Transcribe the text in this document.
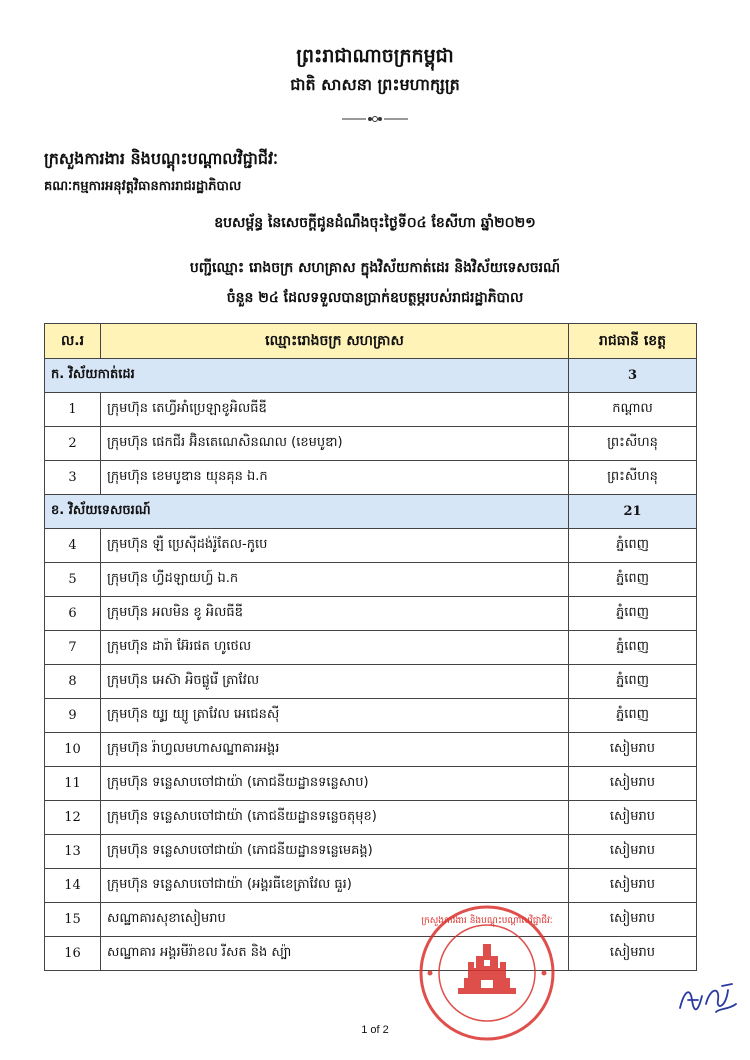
ព្រះរាជាណាចក្រកម្ពុជា
ជាតិ សាសនា ព្រះមហាក្សត្រ
ក្រសួងការងារ និងបណ្តុះបណ្តាលវិជ្ជាជីវៈ
គណៈកម្មការអនុវត្តវិធានការរាជរដ្ឋាភិបាល
ឧបសម្ព័ន្ធ នៃសេចក្តីជូនដំណឹងចុះថ្ងៃទី០៤ ខែសីហា ឆ្នាំ២០២១
បញ្ជីឈ្មោះ រោងចក្រ សហគ្រាស ក្នុងវិស័យកាត់ដេរ និងវិស័យទេសចរណ៍
ចំនួន ២៤ ដែលទទួលបានប្រាក់ឧបត្ថម្ភរបស់រាជរដ្ឋាភិបាល
ល.រ	ឈ្មោះរោងចក្រ សហគ្រាស	រាជធានី ខេត្ត
ក. វិស័យកាត់ដេរ		3
1	ក្រុមហ៊ុន តេហ្វីអាំប្រេឡាខូអិលធីឌី	កណ្តាល
2	ក្រុមហ៊ុន ផេកជីរ អ៊ិនតេណេសិនណល (ខេមបូឌា)	ព្រះសីហនុ
3	ក្រុមហ៊ុន ខេមបូឌាន យុនគុន ឯ.ក	ព្រះសីហនុ
ខ. វិស័យទេសចរណ៍		21
4	ក្រុមហ៊ុន ឡឺ ប្រេស៊ីដង់រ៉ូតែល-កូបេ	ភ្នំពេញ
5	ក្រុមហ៊ុន ហ្វីដឡាយហ្វ៍ ឯ.ក	ភ្នំពេញ
6	ក្រុមហ៊ុន អលមិន ខូ អិលធីឌី	ភ្នំពេញ
7	ក្រុមហ៊ុន ដារ៉ា អ៊ែរផត ហូថេល	ភ្នំពេញ
8	ក្រុមហ៊ុន អេស៊ា អិចផ្លូរើ ត្រាវែល	ភ្នំពេញ
9	ក្រុមហ៊ុន យូ្យ យ្យូ ត្រាវែល អេជេនស៊ី	ភ្នំពេញ
10	ក្រុមហ៊ុន រ៉ាហ្វលមហាសណ្ឋាគារអង្គរ	សៀមរាប
11	ក្រុមហ៊ុន ទន្លេសាបចៅជាយ៉ា (ភោជនីយដ្ឋានទន្លេសាប)	សៀមរាប
12	ក្រុមហ៊ុន ទន្លេសាបចៅជាយ៉ា (ភោជនីយដ្ឋានទន្លេចតុមុខ)	សៀមរាប
13	ក្រុមហ៊ុន ទន្លេសាបចៅជាយ៉ា (ភោជនីយដ្ឋានទន្លេមេគង្គ)	សៀមរាប
14	ក្រុមហ៊ុន ទន្លេសាបចៅជាយ៉ា (អង្គរធីខេត្រាវែល ធួរ)	សៀមរាប
15	សណ្ឋាគារសុខាសៀមរាប	សៀមរាប
16	សណ្ឋាគារ អង្គរមីរ៉ាខល រីសត និង ស្ប៉ា	សៀមរាប
ក្រសួងការងារ និងបណ្តុះបណ្តាលវិជ្ជាជីវៈ
ស.ឃ
1 of 2
